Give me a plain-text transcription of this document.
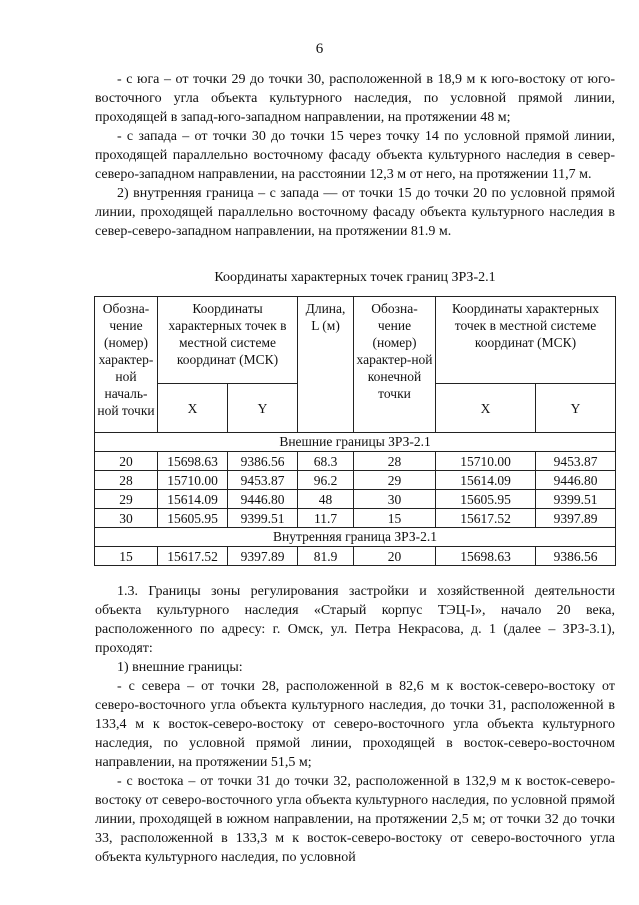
6

- с юга – от точки 29 до точки 30, расположенной в 18,9 м к юго-востоку от юго-восточного угла объекта культурного наследия, по условной прямой линии, проходящей в запад-юго-западном направлении, на протяжении 48 м;

- с запада – от точки 30 до точки 15 через точку 14 по условной прямой линии, проходящей параллельно восточному фасаду объекта культурного наследия в север-северо-западном направлении, на расстоянии 12,3 м от него, на протяжении 11,7 м.

2) внутренняя граница – с запада — от точки 15 до точки 20 по условной прямой линии, проходящей параллельно восточному фасаду объекта культурного наследия в север-северо-западном направлении, на протяжении 81.9 м.

Координаты характерных точек границ ЗРЗ-2.1
Обозна-чение (номер) характер-ной началь-ной точки	Координаты характерных точек в местной системе координат (МСК)		Длина, L (м)	Обозна-чение (номер) характер-ной конечной точки	Координаты характерных точек в местной системе координат (МСК)	
	X	Y			X	Y
Внешние границы ЗРЗ-2.1						
20	15698.63	9386.56	68.3	28	15710.00	9453.87
28	15710.00	9453.87	96.2	29	15614.09	9446.80
29	15614.09	9446.80	48	30	15605.95	9399.51
30	15605.95	9399.51	11.7	15	15617.52	9397.89
Внутренняя граница ЗРЗ-2.1						
15	15617.52	9397.89	81.9	20	15698.63	9386.56

1.3. Границы зоны регулирования застройки и хозяйственной деятельности объекта культурного наследия «Старый корпус ТЭЦ-I», начало 20 века, расположенного по адресу: г. Омск, ул. Петра Некрасова, д. 1 (далее – ЗРЗ-3.1), проходят:

1) внешние границы:

- с севера – от точки 28, расположенной в 82,6 м к восток-северо-востоку от северо-восточного угла объекта культурного наследия, до точки 31, расположенной в 133,4 м к восток-северо-востоку от северо-восточного угла объекта культурного наследия, по условной прямой линии, проходящей в восток-северо-восточном направлении, на протяжении 51,5 м;

- с востока – от точки 31 до точки 32, расположенной в 132,9 м к восток-северо-востоку от северо-восточного угла объекта культурного наследия, по условной прямой линии, проходящей в южном направлении, на протяжении 2,5 м; от точки 32 до точки 33, расположенной в 133,3 м к восток-северо-востоку от северо-восточного угла объекта культурного наследия, по условной
